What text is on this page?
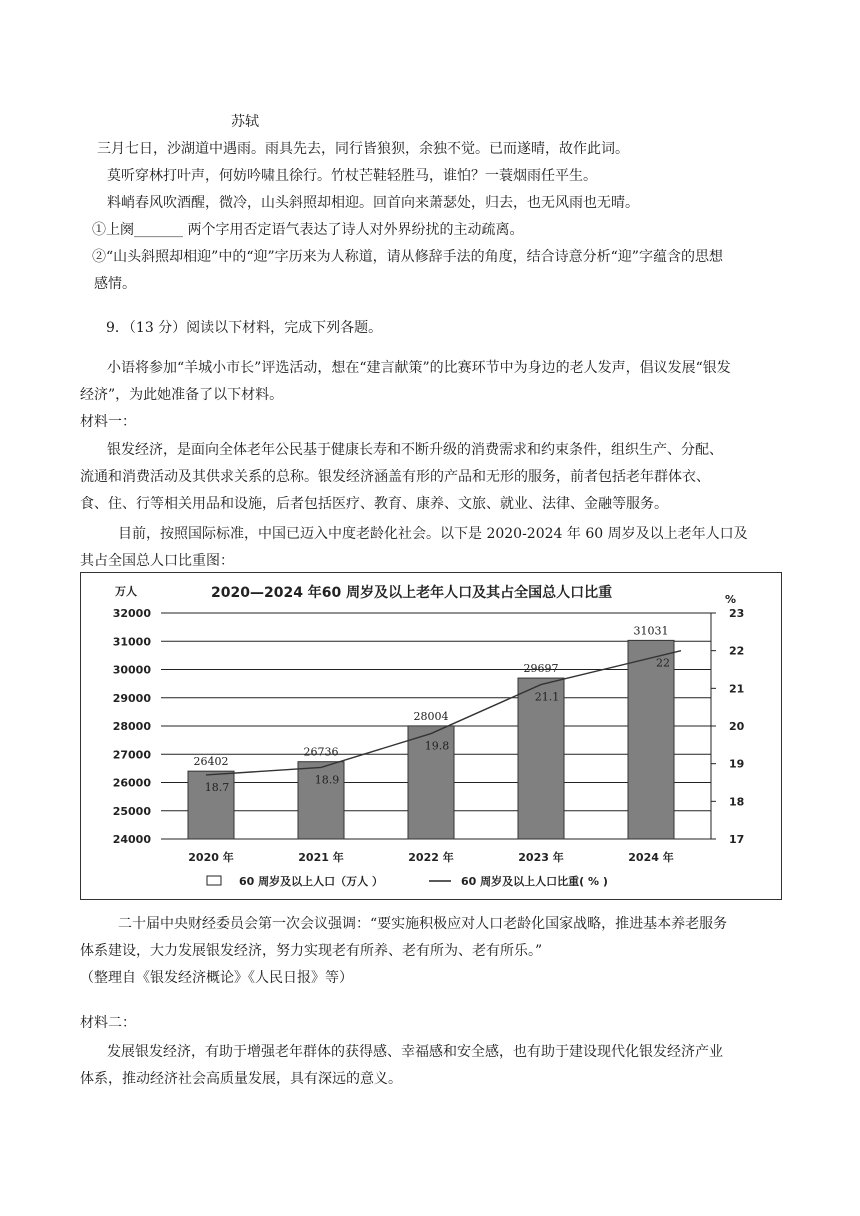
苏轼
三月七日，沙湖道中遇雨。雨具先去，同行皆狼狈，余独不觉。已而遂晴，故作此词。
莫听穿林打叶声，何妨吟啸且徐行。竹杖芒鞋轻胜马，谁怕？一蓑烟雨任平生。
料峭春风吹酒醒，微冷，山头斜照却相迎。回首向来萧瑟处，归去，也无风雨也无晴。
①上阕_______ 两个字用否定语气表达了诗人对外界纷扰的主动疏离。
②“山头斜照却相迎”中的“迎”字历来为人称道，请从修辞手法的角度，结合诗意分析“迎”字蕴含的思想
感情。
9．（13 分）阅读以下材料，完成下列各题。
小语将参加“羊城小市长”评选活动，想在“建言献策”的比赛环节中为身边的老人发声，倡议发展“银发
经济”，为此她准备了以下材料。
材料一：
银发经济，是面向全体老年公民基于健康长寿和不断升级的消费需求和约束条件，组织生产、分配、
流通和消费活动及其供求关系的总称。银发经济涵盖有形的产品和无形的服务，前者包括老年群体衣、
食、住、行等相关用品和设施，后者包括医疗、教育、康养、文旅、就业、法律、金融等服务。
目前，按照国际标准，中国已迈入中度老龄化社会。以下是 2020-2024 年 60 周岁及以上老年人口及
其占全国总人口比重图：
2020—2024 年60 周岁及以上老年人口及其占全国总人口比重
万人
%
24000
25000
26000
27000
28000
29000
30000
31000
32000
17
18
19
20
21
22
23
26402
2020 年
26736
2021 年
28004
2022 年
29697
2023 年
31031
2024 年
18.7
18.9
19.8
21.1
22
60 周岁及以上人口（万人 ）	60 周岁及以上人口比重( % )
二十届中央财经委员会第一次会议强调：“要实施积极应对人口老龄化国家战略，推进基本养老服务
体系建设，大力发展银发经济，努力实现老有所养、老有所为、老有所乐。”
（整理自《银发经济概论》《人民日报》等）
材料二：
发展银发经济，有助于增强老年群体的获得感、幸福感和安全感，也有助于建设现代化银发经济产业
体系，推动经济社会高质量发展，具有深远的意义。
